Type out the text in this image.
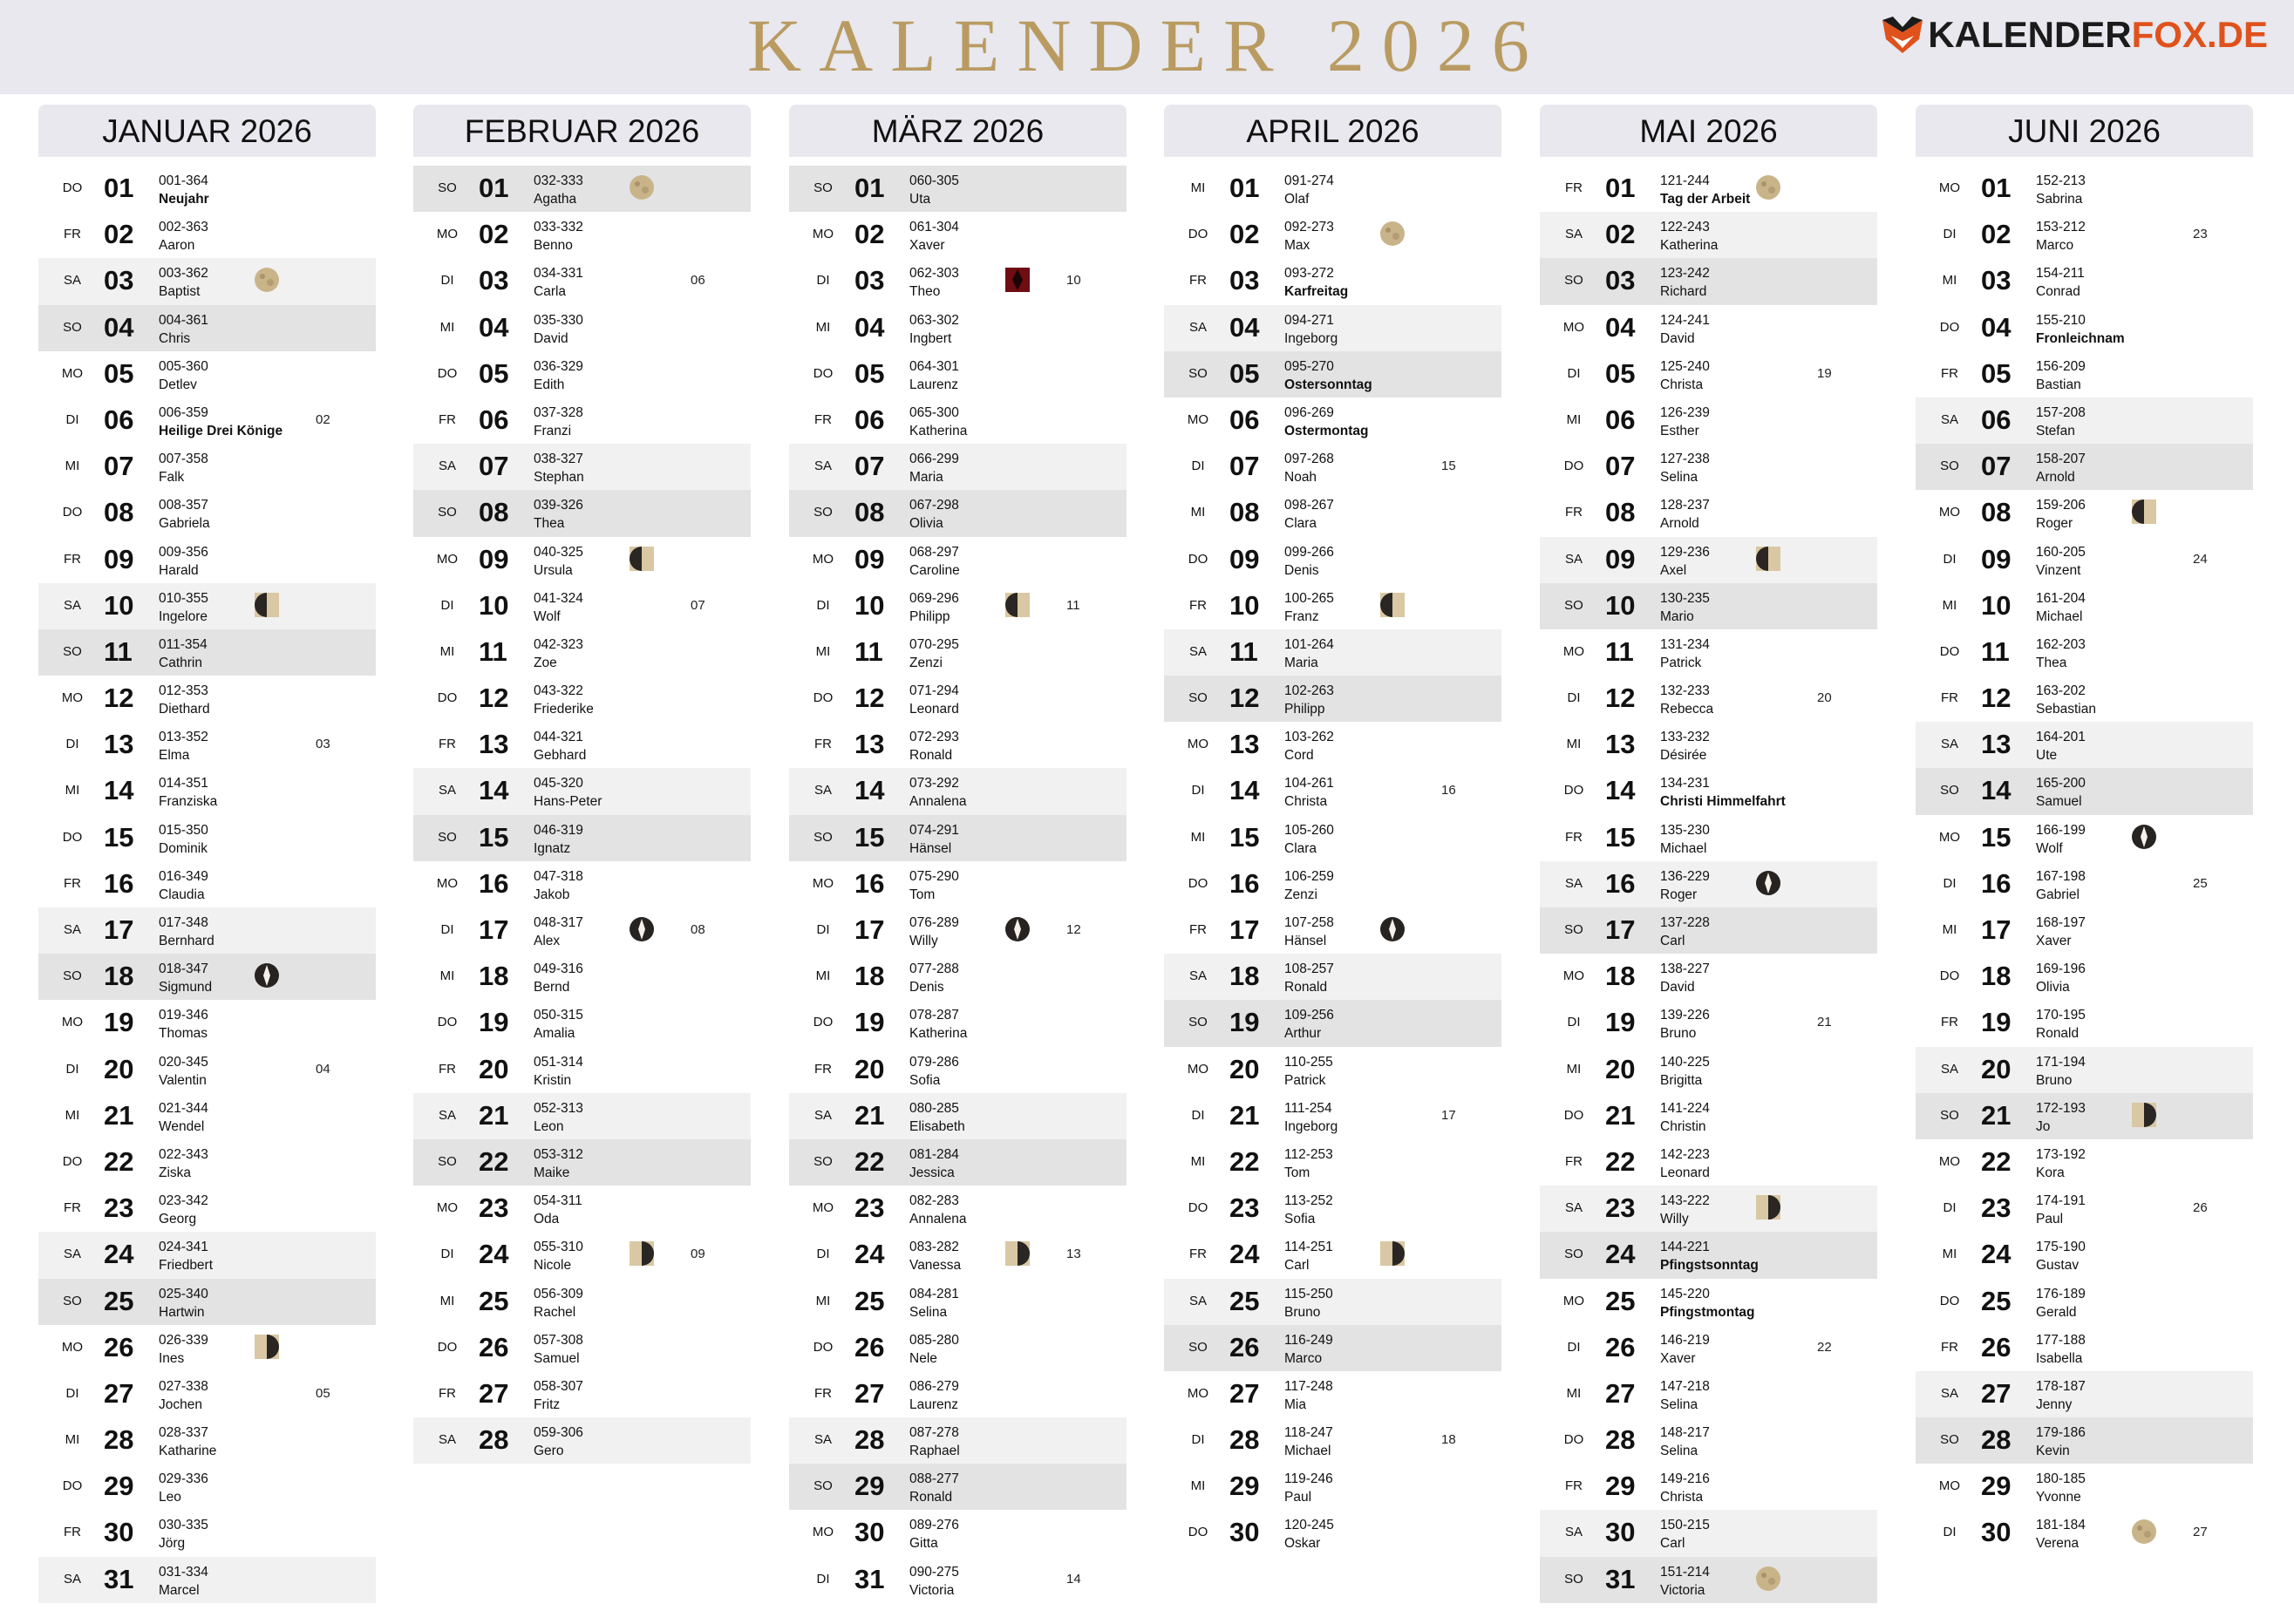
KALENDER 2026	KALENDERFOX.DE
JANUAR 2026
DO 01 001-364
Neujahr
FR 02 002-363
Aaron
SA 03 003-362
Baptist
SO 04 004-361
Chris
MO 05 005-360
Detlev
DI 06 006-359
Heilige Drei Könige
02
MI 07 007-358
Falk
DO 08 008-357
Gabriela
FR 09 009-356
Harald
SA 10 010-355
Ingelore
SO 11 011-354
Cathrin
MO 12 012-353
Diethard
DI 13 013-352
Elma
03
MI 14 014-351
Franziska
DO 15 015-350
Dominik
FR 16 016-349
Claudia
SA 17 017-348
Bernhard
SO 18 018-347
Sigmund
MO 19 019-346
Thomas
DI 20 020-345
Valentin
04
MI 21 021-344
Wendel
DO 22 022-343
Ziska
FR 23 023-342
Georg
SA 24 024-341
Friedbert
SO 25 025-340
Hartwin
MO 26 026-339
Ines
DI 27 027-338
Jochen
05
MI 28 028-337
Katharine
DO 29 029-336
Leo
FR 30 030-335
Jörg
SA 31 031-334
Marcel
FEBRUAR 2026
SO 01 032-333
Agatha
MO 02 033-332
Benno
DI 03 034-331
Carla
06
MI 04 035-330
David
DO 05 036-329
Edith
FR 06 037-328
Franzi
SA 07 038-327
Stephan
SO 08 039-326
Thea
MO 09 040-325
Ursula
DI 10 041-324
Wolf
07
MI 11 042-323
Zoe
DO 12 043-322
Friederike
FR 13 044-321
Gebhard
SA 14 045-320
Hans-Peter
SO 15 046-319
Ignatz
MO 16 047-318
Jakob
DI 17 048-317
Alex
08
MI 18 049-316
Bernd
DO 19 050-315
Amalia
FR 20 051-314
Kristin
SA 21 052-313
Leon
SO 22 053-312
Maike
MO 23 054-311
Oda
DI 24 055-310
Nicole
09
MI 25 056-309
Rachel
DO 26 057-308
Samuel
FR 27 058-307
Fritz
SA 28 059-306
Gero
MÄRZ 2026
SO 01 060-305
Uta
MO 02 061-304
Xaver
DI 03 062-303
Theo
10
MI 04 063-302
Ingbert
DO 05 064-301
Laurenz
FR 06 065-300
Katherina
SA 07 066-299
Maria
SO 08 067-298
Olivia
MO 09 068-297
Caroline
DI 10 069-296
Philipp
11
MI 11 070-295
Zenzi
DO 12 071-294
Leonard
FR 13 072-293
Ronald
SA 14 073-292
Annalena
SO 15 074-291
Hänsel
MO 16 075-290
Tom
DI 17 076-289
Willy
12
MI 18 077-288
Denis
DO 19 078-287
Katherina
FR 20 079-286
Sofia
SA 21 080-285
Elisabeth
SO 22 081-284
Jessica
MO 23 082-283
Annalena
DI 24 083-282
Vanessa
13
MI 25 084-281
Selina
DO 26 085-280
Nele
FR 27 086-279
Laurenz
SA 28 087-278
Raphael
SO 29 088-277
Ronald
MO 30 089-276
Gitta
DI 31 090-275
Victoria
14
APRIL 2026
MI 01 091-274
Olaf
DO 02 092-273
Max
FR 03 093-272
Karfreitag
SA 04 094-271
Ingeborg
SO 05 095-270
Ostersonntag
MO 06 096-269
Ostermontag
DI 07 097-268
Noah
15
MI 08 098-267
Clara
DO 09 099-266
Denis
FR 10 100-265
Franz
SA 11 101-264
Maria
SO 12 102-263
Philipp
MO 13 103-262
Cord
DI 14 104-261
Christa
16
MI 15 105-260
Clara
DO 16 106-259
Zenzi
FR 17 107-258
Hänsel
SA 18 108-257
Ronald
SO 19 109-256
Arthur
MO 20 110-255
Patrick
DI 21 111-254
Ingeborg
17
MI 22 112-253
Tom
DO 23 113-252
Sofia
FR 24 114-251
Carl
SA 25 115-250
Bruno
SO 26 116-249
Marco
MO 27 117-248
Mia
DI 28 118-247
Michael
18
MI 29 119-246
Paul
DO 30 120-245
Oskar
MAI 2026
FR 01 121-244
Tag der Arbeit
SA 02 122-243
Katherina
SO 03 123-242
Richard
MO 04 124-241
David
DI 05 125-240
Christa
19
MI 06 126-239
Esther
DO 07 127-238
Selina
FR 08 128-237
Arnold
SA 09 129-236
Axel
SO 10 130-235
Mario
MO 11 131-234
Patrick
DI 12 132-233
Rebecca
20
MI 13 133-232
Désirée
DO 14 134-231
Christi Himmelfahrt
FR 15 135-230
Michael
SA 16 136-229
Roger
SO 17 137-228
Carl
MO 18 138-227
David
DI 19 139-226
Bruno
21
MI 20 140-225
Brigitta
DO 21 141-224
Christin
FR 22 142-223
Leonard
SA 23 143-222
Willy
SO 24 144-221
Pfingstsonntag
MO 25 145-220
Pfingstmontag
DI 26 146-219
Xaver
22
MI 27 147-218
Selina
DO 28 148-217
Selina
FR 29 149-216
Christa
SA 30 150-215
Carl
SO 31 151-214
Victoria
JUNI 2026
MO 01 152-213
Sabrina
DI 02 153-212
Marco
23
MI 03 154-211
Conrad
DO 04 155-210
Fronleichnam
FR 05 156-209
Bastian
SA 06 157-208
Stefan
SO 07 158-207
Arnold
MO 08 159-206
Roger
DI 09 160-205
Vinzent
24
MI 10 161-204
Michael
DO 11 162-203
Thea
FR 12 163-202
Sebastian
SA 13 164-201
Ute
SO 14 165-200
Samuel
MO 15 166-199
Wolf
DI 16 167-198
Gabriel
25
MI 17 168-197
Xaver
DO 18 169-196
Olivia
FR 19 170-195
Ronald
SA 20 171-194
Bruno
SO 21 172-193
Jo
MO 22 173-192
Kora
DI 23 174-191
Paul
26
MI 24 175-190
Gustav
DO 25 176-189
Gerald
FR 26 177-188
Isabella
SA 27 178-187
Jenny
SO 28 179-186
Kevin
MO 29 180-185
Yvonne
DI 30 181-184
Verena
27
